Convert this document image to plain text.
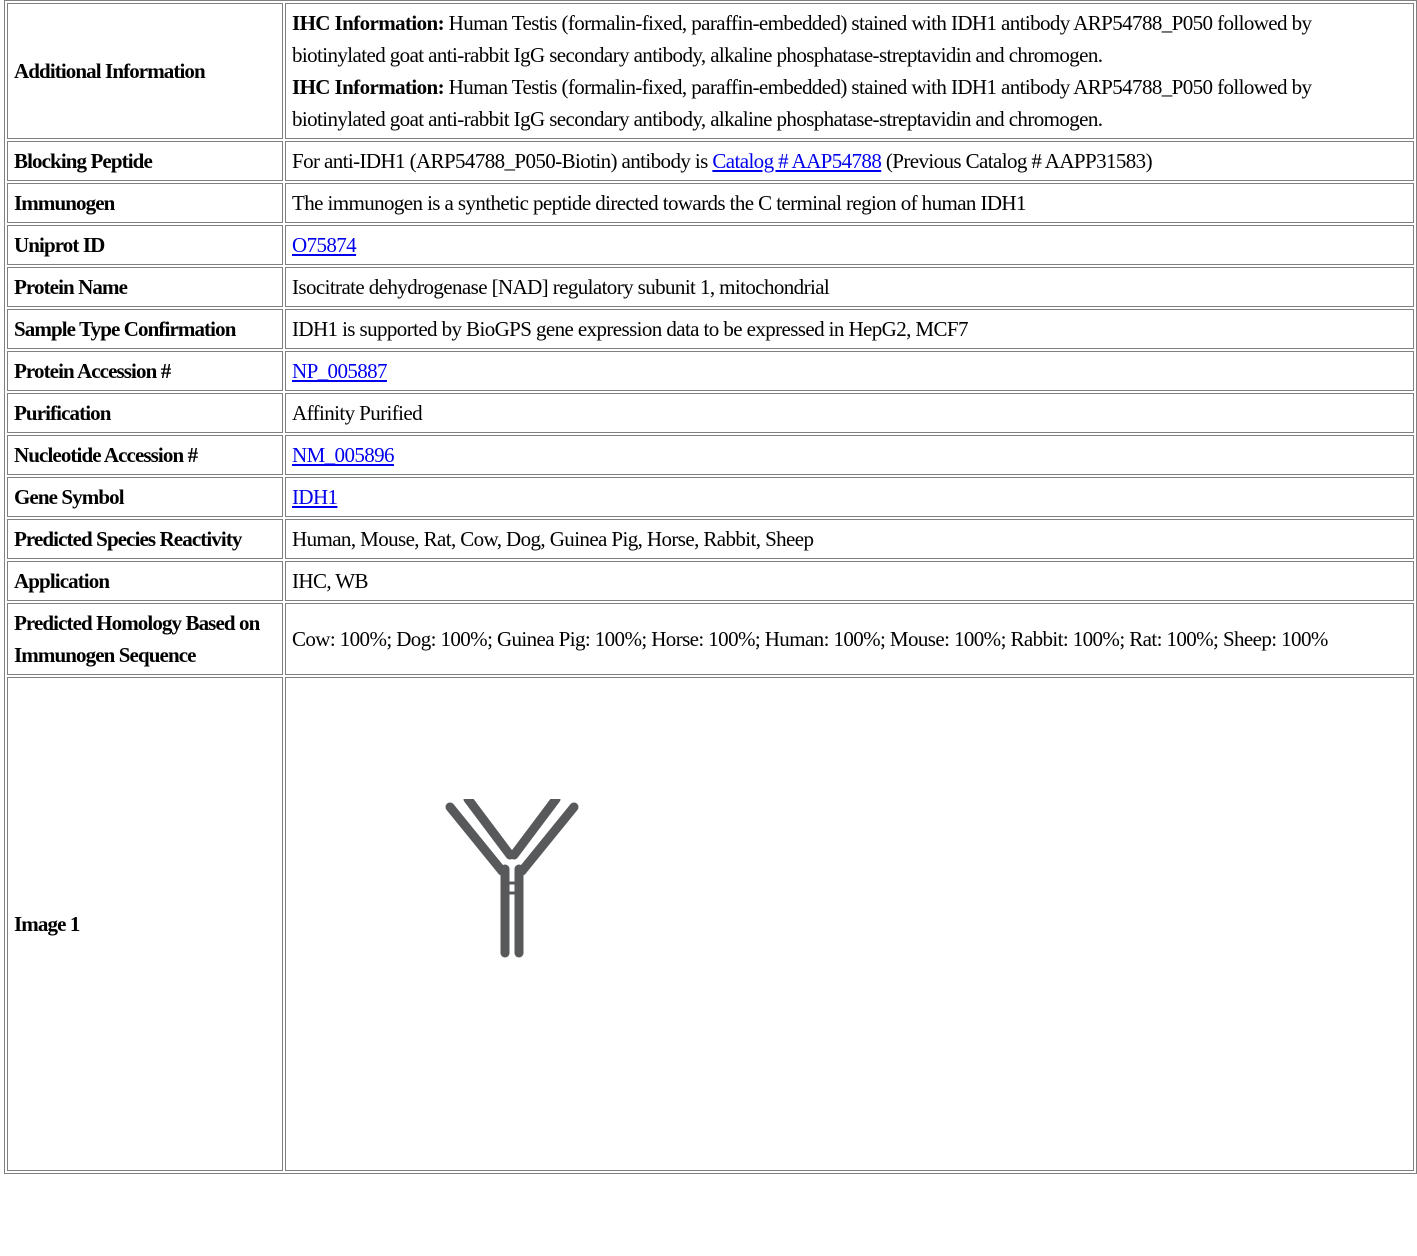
Additional Information	IHC Information: Human Testis (formalin-fixed, paraffin-embedded) stained with IDH1 antibody ARP54788_P050 followed by biotinylated goat anti-rabbit IgG secondary antibody, alkaline phosphatase-streptavidin and chromogen.
IHC Information: Human Testis (formalin-fixed, paraffin-embedded) stained with IDH1 antibody ARP54788_P050 followed by biotinylated goat anti-rabbit IgG secondary antibody, alkaline phosphatase-streptavidin and chromogen.

Blocking Peptide	For anti-IDH1 (ARP54788_P050-Biotin) antibody is Catalog # AAP54788 (Previous Catalog # AAPP31583)
Immunogen	The immunogen is a synthetic peptide directed towards the C terminal region of human IDH1
Uniprot ID	O75874
Protein Name	Isocitrate dehydrogenase [NAD] regulatory subunit 1, mitochondrial
Sample Type Confirmation	IDH1 is supported by BioGPS gene expression data to be expressed in HepG2, MCF7
Protein Accession #	NP_005887
Purification	Affinity Purified
Nucleotide Accession #	NM_005896
Gene Symbol	IDH1
Predicted Species Reactivity	Human, Mouse, Rat, Cow, Dog, Guinea Pig, Horse, Rabbit, Sheep
Application	IHC, WB
Predicted Homology Based on Immunogen Sequence	Cow: 100%; Dog: 100%; Guinea Pig: 100%; Horse: 100%; Human: 100%; Mouse: 100%; Rabbit: 100%; Rat: 100%; Sheep: 100%
Image 1	
